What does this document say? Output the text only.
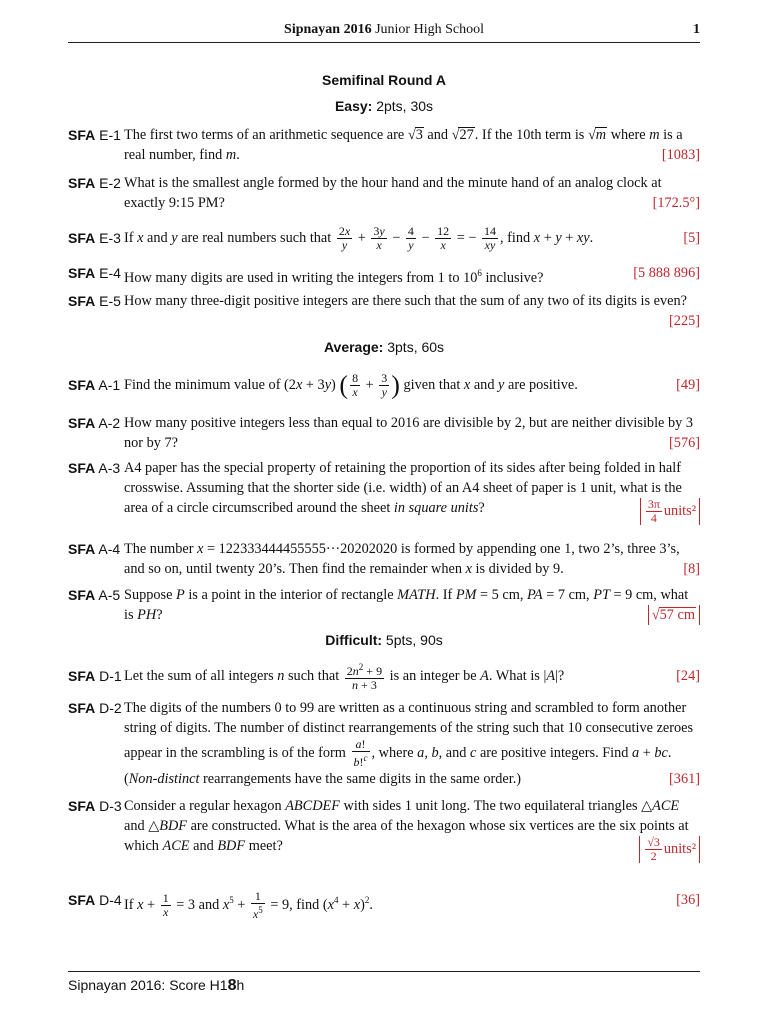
Sipnayan 2016 Junior High School	1
Semifinal Round A
Easy: 2pts, 30s
SFA E-1 The first two terms of an arithmetic sequence are √3 and √27. If the 10th term is √m where m is a real number, find m.	[1083]
SFA E-2 What is the smallest angle formed by the hour hand and the minute hand of an analog clock at exactly 9:15 PM?	[172.5°]
SFA E-3 If x and y are real numbers such that $\frac{2x}{y} + \frac{3y}{x} - \frac{4}{y} - \frac{12}{x}$ = − $\frac{14}{xy}$ , find x + y + xy.	[5]
SFA E-4 How many digits are used in writing the integers from 1 to $10^6$ inclusive?	[5 888 896]
SFA E-5 How many three-digit positive integers are there such that the sum of any two of its digits is even?
[225]
Average: 3pts, 60s
SFA A-1 Find the minimum value of (2x + 3y) ( $\frac{8}{x} + \frac{3}{y}$ ) given that x and y are positive.	[49]
SFA A-2 How many positive integers less than equal to 2016 are divisible by 2, but are neither divisible by 3 nor by 7?	[576]
SFA A-3 A4 paper has the special property of retaining the proportion of its sides after being folded in half crosswise. Assuming that the shorter side (i.e. width) of an A4 sheet of paper is 1 unit, what is the area of a circle circumscribed around the sheet in square units?	$\frac{3\pi}{4}$ units²
SFA A-4 The number x = 122333444455555···20202020 is formed by appending one 1, two 2’s, three 3’s, and so on, until twenty 20’s. Then find the remainder when x is divided by 9.	[8]
SFA A-5 Suppose P is a point in the interior of rectangle MATH. If PM = 5 cm, PA = 7 cm, PT = 9 cm, what is PH?	√57 cm
Difficult: 5pts, 90s
SFA D-1 Let the sum of all integers n such that $\frac{2n^2 + 9}{n + 3}$ is an integer be A. What is |A|?	[24]
SFA D-2 The digits of the numbers 0 to 99 are written as a continuous string and scrambled to form another string of digits. The number of distinct rearrangements of the string such that 10 consecutive zeroes appear in the scrambling is of the form $\frac{a!}{b!^c}$ , where a, b, and c are positive integers. Find a + bc. (Non-distinct rearrangements have the same digits in the same order.)	[361]
SFA D-3 Consider a regular hexagon ABCDEF with sides 1 unit long. The two equilateral triangles △ACE and △BDF are constructed. What is the area of the hexagon whose six vertices are the six points at which ACE and BDF meet?	$\frac{√3}{2}$ units²
SFA D-4 If $x + \frac{1}{x} = 3$ and $x^5 + \frac{1}{x^5} = 9$, find $(x^4 + x)^2$.	[36]
Sipnayan 2016: Score H18h
